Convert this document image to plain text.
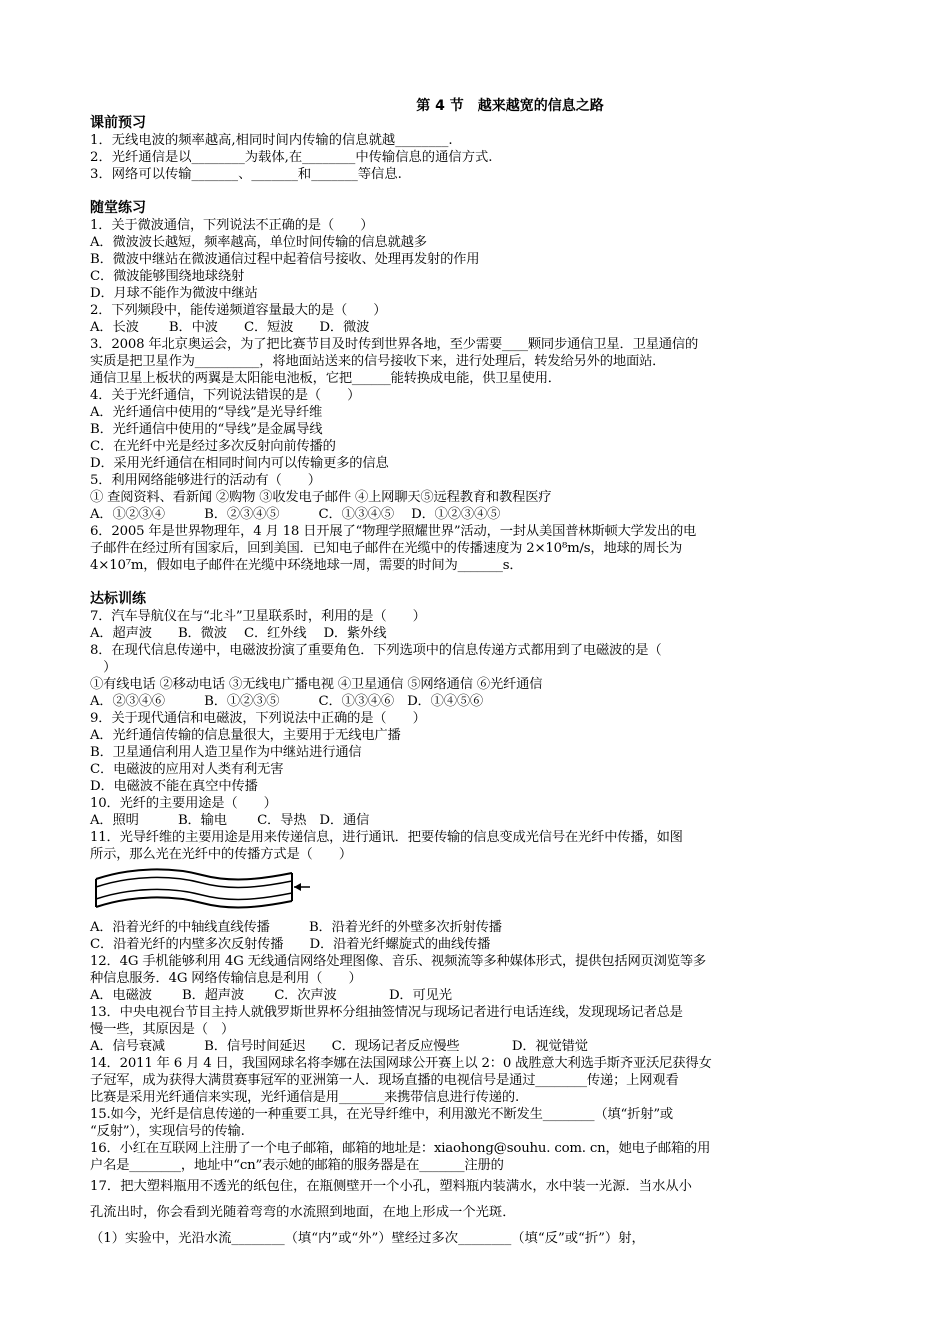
第 4 节　越来越宽的信息之路
课前预习
1．无线电波的频率越高,相同时间内传输的信息就越________.
2．光纤通信是以________为载体,在________中传输信息的通信方式.
3．网络可以传输_______、_______和_______等信息.
随堂练习
1．关于微波通信，下列说法不正确的是（　　）
A．微波波长越短，频率越高，单位时间传输的信息就越多
B．微波中继站在微波通信过程中起着信号接收、处理再发射的作用
C．微波能够围绕地球绕射
D．月球不能作为微波中继站
2．下列频段中，能传递频道容量最大的是（　　）
A．长波　　 B．中波　　C．短波　　D．微波
3．2008 年北京奥运会，为了把比赛节目及时传到世界各地，至少需要____颗同步通信卫星．卫星通信的
实质是把卫星作为__________，将地面站送来的信号接收下来，进行处理后，转发给另外的地面站．
通信卫星上板状的两翼是太阳能电池板，它把______能转换成电能，供卫星使用．
4．关于光纤通信，下列说法错误的是（　　）
A．光纤通信中使用的“导线”是光导纤维
B．光纤通信中使用的“导线”是金属导线
C．在光纤中光是经过多次反射向前传播的
D．采用光纤通信在相同时间内可以传输更多的信息
5．利用网络能够进行的活动有（　　）
① 查阅资料、看新闻 ②购物 ③收发电子邮件 ④上网聊天⑤远程教育和教程医疗
A．①②③④　　　B．②③④⑤　　　C．①③④⑤　 D．①②③④⑤
6．2005 年是世界物理年，4 月 18 日开展了“物理学照耀世界”活动，一封从美国普林斯顿大学发出的电
子邮件在经过所有国家后，回到美国．已知电子邮件在光缆中的传播速度为 2×10⁸m/s，地球的周长为
4×10⁷m，假如电子邮件在光缆中环绕地球一周，需要的时间为_______s．
达标训练
7．汽车导航仪在与“北斗”卫星联系时，利用的是（　　）
A．超声波　　B．微波　 C．红外线　 D．紫外线
8．在现代信息传递中，电磁波扮演了重要角色．下列选项中的信息传递方式都用到了电磁波的是（
　）
①有线电话 ②移动电话 ③无线电广播电视 ④卫星通信 ⑤网络通信 ⑥光纤通信
A．②③④⑥　　　B．①②③⑤　　　C．①③④⑥　D．①④⑤⑥
9．关于现代通信和电磁波，下列说法中正确的是（　　）
A．光纤通信传输的信息量很大，主要用于无线电广播
B．卫星通信利用人造卫星作为中继站进行通信
C．电磁波的应用对人类有利无害
D．电磁波不能在真空中传播
10．光纤的主要用途是（　　）
A．照明　　　B．输电　　 C．导热　D．通信
11．光导纤维的主要用途是用来传递信息，进行通讯．把要传输的信息变成光信号在光纤中传播，如图
所示，那么光在光纤中的传播方式是（　　）
A．沿着光纤的中轴线直线传播　　　B．沿着光纤的外壁多次折射传播
C．沿着光纤的内壁多次反射传播　　D．沿着光纤螺旋式的曲线传播
12．4G 手机能够利用 4G 无线通信网络处理图像、音乐、视频流等多种媒体形式，提供包括网页浏览等多
种信息服务．4G 网络传输信息是利用（　　）
A．电磁波　　 B．超声波　　 C．次声波　　　　D．可见光
13．中央电视台节目主持人就俄罗斯世界杯分组抽签情况与现场记者进行电话连线，发现现场记者总是
慢一些，其原因是（　）
A．信号衰减　　　B．信号时间延迟　　C．现场记者反应慢些　　　　D．视觉错觉
14．2011 年 6 月 4 日，我国网球名将李娜在法国网球公开赛上以 2：0 战胜意大利选手斯齐亚沃尼获得女
子冠军，成为获得大满贯赛事冠军的亚洲第一人．现场直播的电视信号是通过________传递；上网观看
比赛是采用光纤通信来实现，光纤通信是用_______来携带信息进行传递的.
15.如今，光纤是信息传递的一种重要工具，在光导纤维中，利用激光不断发生________（填“折射”或
“反射”），实现信号的传输.
16．小红在互联网上注册了一个电子邮箱，邮箱的地址是：xiaohong@souhu. com. cn，她电子邮箱的用
户名是________，地址中“cn”表示她的邮箱的服务器是在_______注册的
17．把大塑料瓶用不透光的纸包住，在瓶侧壁开一个小孔，塑料瓶内装满水，水中装一光源．当水从小
孔流出时，你会看到光随着弯弯的水流照到地面，在地上形成一个光斑．
（1）实验中，光沿水流________（填“内”或“外”）壁经过多次________（填“反”或“折”）射，
